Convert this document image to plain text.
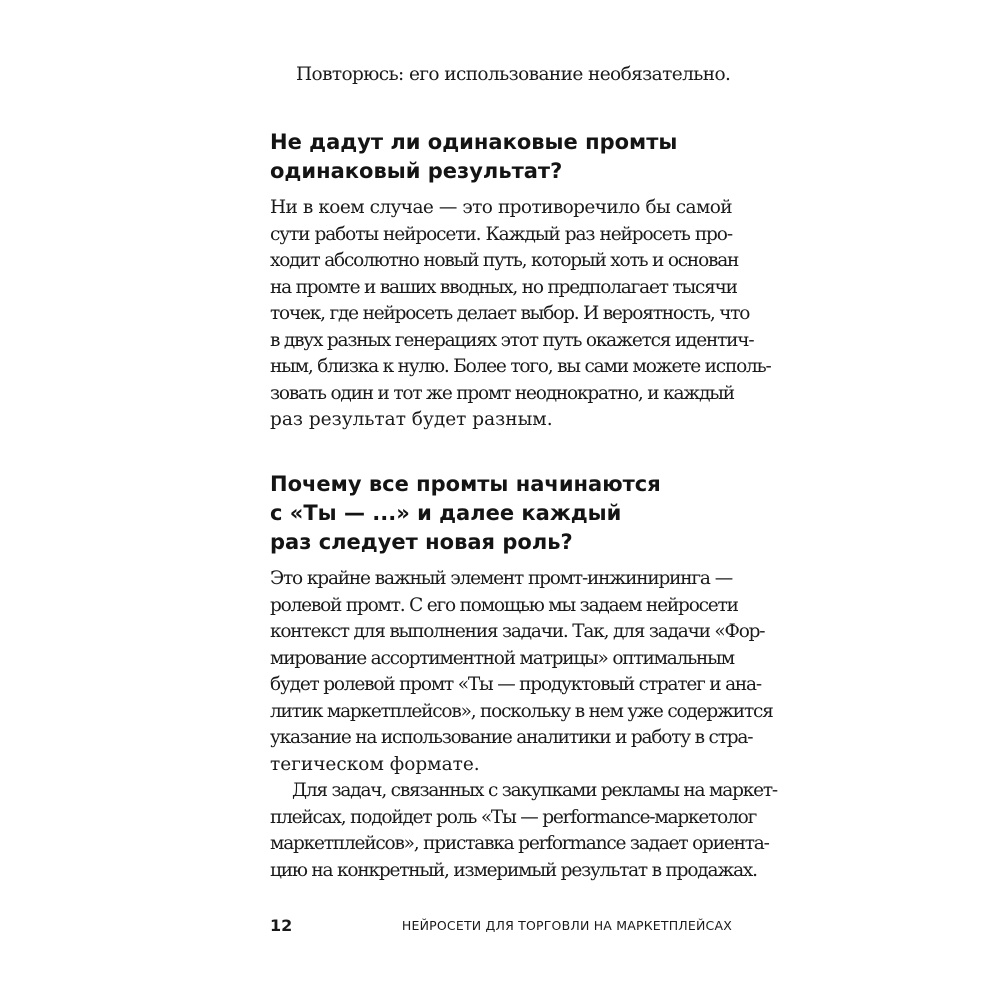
Повторюсь: его использование необязательно.

Не дадут ли одинаковые промты
одинаковый результат?

Ни в коем случае — это противоречило бы самой
сути работы нейросети. Каждый раз нейросеть про-
ходит абсолютно новый путь, который хоть и основан
на промте и ваших вводных, но предполагает тысячи
точек, где нейросеть делает выбор. И вероятность, что
в двух разных генерациях этот путь окажется идентич-
ным, близка к нулю. Более того, вы сами можете исполь-
зовать один и тот же промт неоднократно, и каждый
раз результат будет разным.

Почему все промты начинаются
с «Ты — ...» и далее каждый
раз следует новая роль?

Это крайне важный элемент промт-инжиниринга —
ролевой промт. С его помощью мы задаем нейросети
контекст для выполнения задачи. Так, для задачи «Фор-
мирование ассортиментной матрицы» оптимальным
будет ролевой промт «Ты — продуктовый стратег и ана-
литик маркетплейсов», поскольку в нем уже содержится
указание на использование аналитики и работу в стра-
тегическом формате.

Для задач, связанных с закупками рекламы на маркет-
плейсах, подойдет роль «Ты — performance-маркетолог
маркетплейсов», приставка performance задает ориента-
цию на конкретный, измеримый результат в продажах.

12	НЕЙРОСЕТИ ДЛЯ ТОРГОВЛИ НА МАРКЕТПЛЕЙСАХ
